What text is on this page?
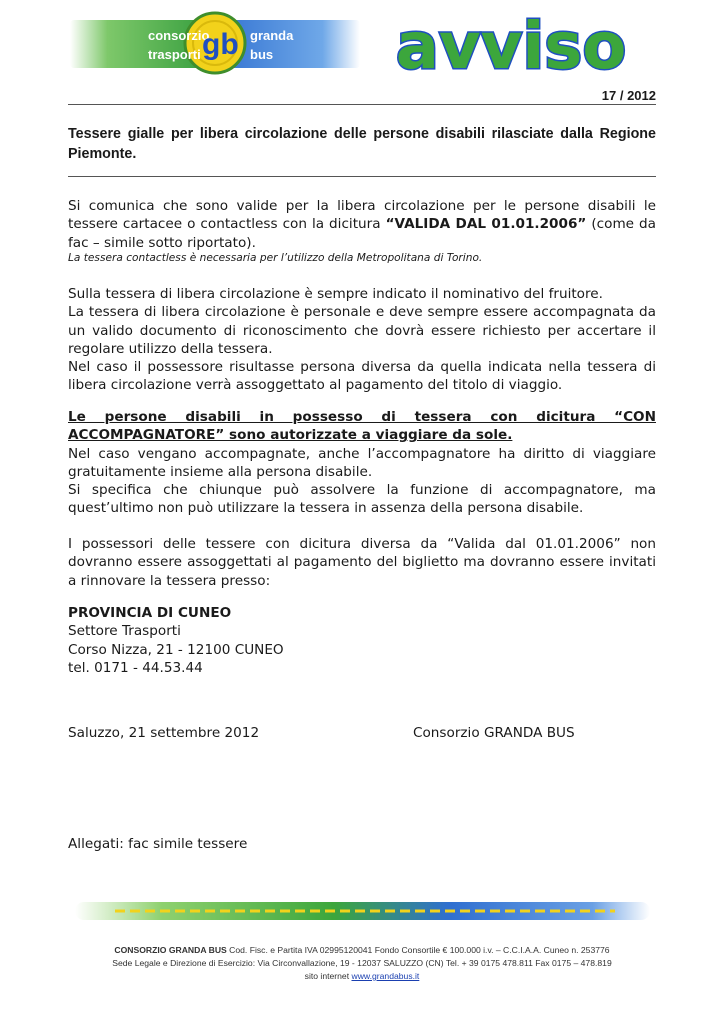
consorzio
trasporti gb granda
bus avviso
17 / 2012
Tessere gialle per libera circolazione delle persone disabili rilasciate dalla Regione Piemonte.

Si comunica che sono valide per la libera circolazione per le persone disabili le tessere cartacee o contactless con la dicitura “VALIDA DAL 01.01.2006” (come da fac – simile sotto riportato).

La tessera contactless è necessaria per l’utilizzo della Metropolitana di Torino.

Sulla tessera di libera circolazione è sempre indicato il nominativo del fruitore.

La tessera di libera circolazione è personale e deve sempre essere accompagnata da un valido documento di riconoscimento che dovrà essere richiesto per accertare il regolare utilizzo della tessera.

Nel caso il possessore risultasse persona diversa da quella indicata nella tessera di libera circolazione verrà assoggettato al pagamento del titolo di viaggio.

Le persone disabili in possesso di tessera con dicitura “CON ACCOMPAGNATORE” sono autorizzate a viaggiare da sole.

Nel caso vengano accompagnate, anche l’accompagnatore ha diritto di viaggiare gratuitamente insieme alla persona disabile.

Si specifica che chiunque può assolvere la funzione di accompagnatore, ma quest’ultimo non può utilizzare la tessera in assenza della persona disabile.

I possessori delle tessere con dicitura diversa da “Valida dal 01.01.2006” non dovranno essere assoggettati al pagamento del biglietto ma dovranno essere invitati a rinnovare la tessera presso:

PROVINCIA DI CUNEO

Settore Trasporti

Corso Nizza, 21 - 12100 CUNEO

tel. 0171 - 44.53.44

Saluzzo, 21 settembre 2012	Consorzio GRANDA BUS

Allegati: fac simile tessere

CONSORZIO GRANDA BUS Cod. Fisc. e Partita IVA 02995120041 Fondo Consortile € 100.000 i.v. – C.C.I.A.A. Cuneo n. 253776
Sede Legale e Direzione di Esercizio: Via Circonvallazione, 19 - 12037 SALUZZO (CN) Tel. + 39 0175 478.811 Fax 0175 – 478.819
sito internet www.grandabus.it
